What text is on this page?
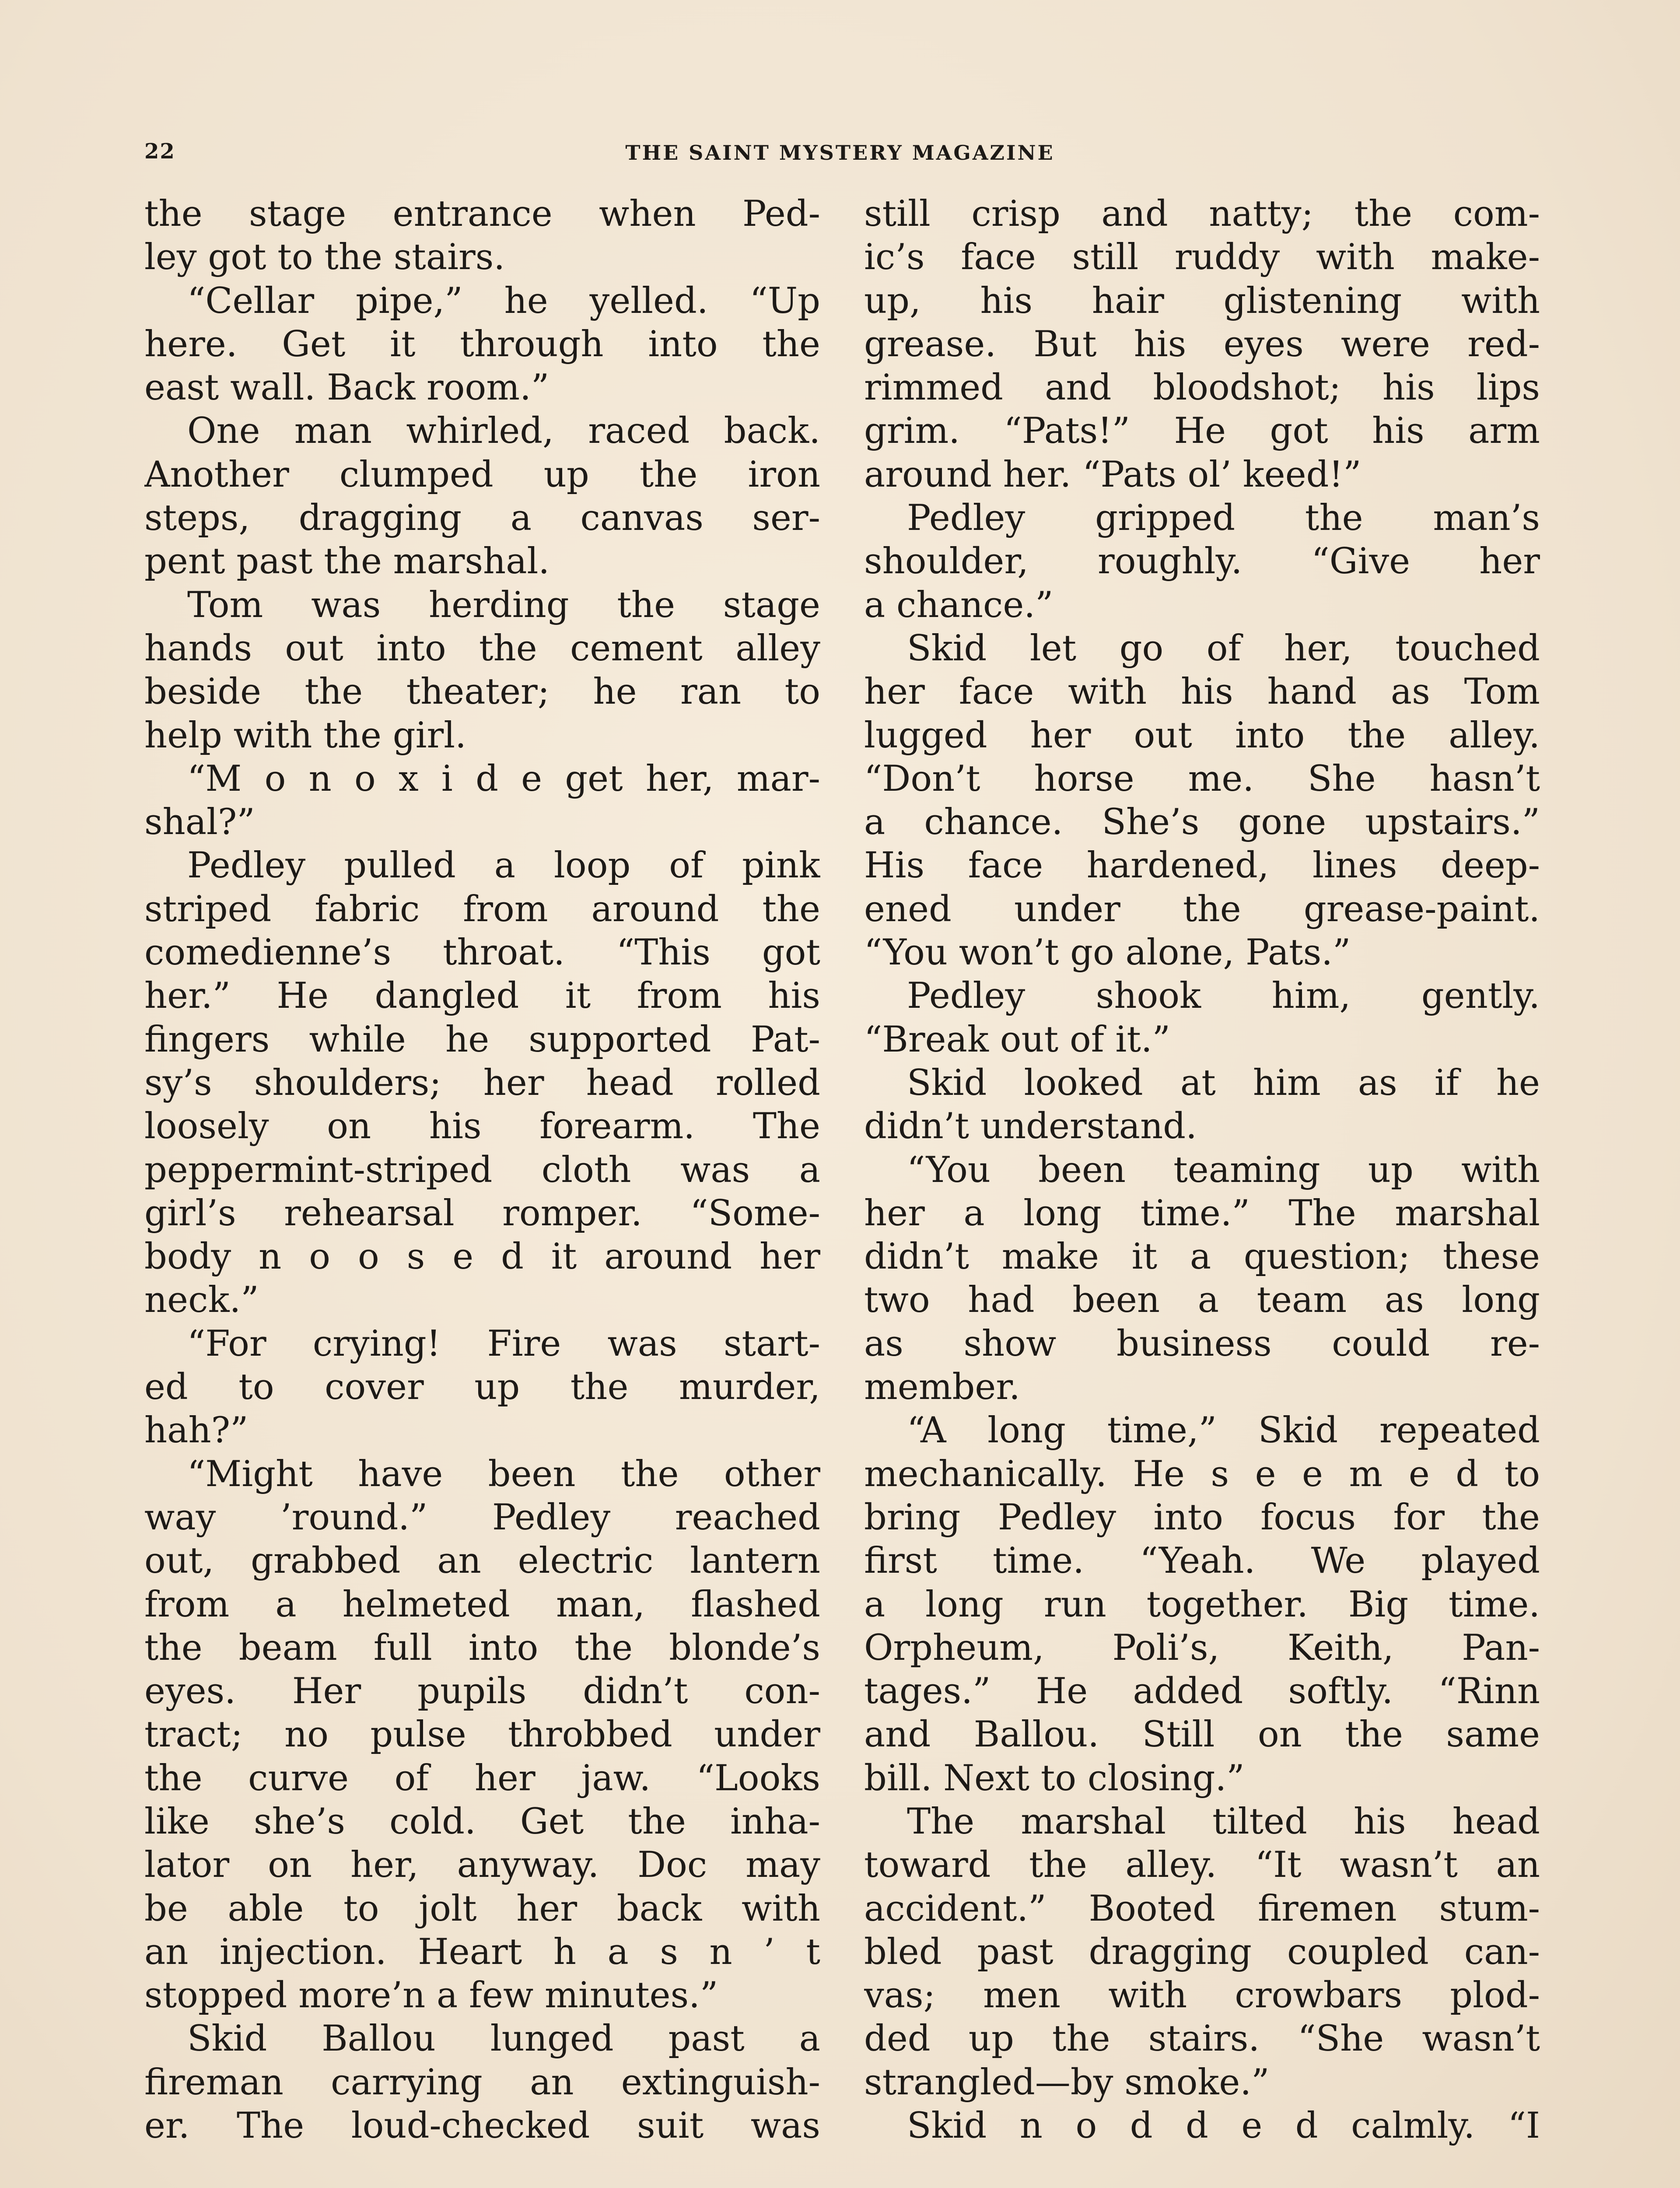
22	THE SAINT MYSTERY MAGAZINE
the stage entrance when Ped-
ley got to the stairs.
“Cellar pipe,” he yelled. “Up
here. Get it through into the
east wall. Back room.”
One man whirled, raced back.
Another clumped up the iron
steps, dragging a canvas ser-
pent past the marshal.
Tom was herding the stage
hands out into the cement alley
beside the theater; he ran to
help with the girl.
“M o n o x i d e get her, mar-
shal?”
Pedley pulled a loop of pink
striped fabric from around the
comedienne’s throat. “This got
her.” He dangled it from his
fingers while he supported Pat-
sy’s shoulders; her head rolled
loosely on his forearm. The
peppermint-striped cloth was a
girl’s rehearsal romper. “Some-
body n o o s e d it around her
neck.”
“For crying! Fire was start-
ed to cover up the murder,
hah?”
“Might have been the other
way ’round.” Pedley reached
out, grabbed an electric lantern
from a helmeted man, flashed
the beam full into the blonde’s
eyes. Her pupils didn’t con-
tract; no pulse throbbed under
the curve of her jaw. “Looks
like she’s cold. Get the inha-
lator on her, anyway. Doc may
be able to jolt her back with
an injection. Heart h a s n ’ t
stopped more’n a few minutes.”
Skid Ballou lunged past a
fireman carrying an extinguish-
er. The loud-checked suit was
still crisp and natty; the com-
ic’s face still ruddy with make-
up, his hair glistening with
grease. But his eyes were red-
rimmed and bloodshot; his lips
grim. “Pats!” He got his arm
around her. “Pats ol’ keed!”
Pedley gripped the man’s
shoulder, roughly. “Give her
a chance.”
Skid let go of her, touched
her face with his hand as Tom
lugged her out into the alley.
“Don’t horse me. She hasn’t
a chance. She’s gone upstairs.”
His face hardened, lines deep-
ened under the grease-paint.
“You won’t go alone, Pats.”
Pedley shook him, gently.
“Break out of it.”
Skid looked at him as if he
didn’t understand.
“You been teaming up with
her a long time.” The marshal
didn’t make it a question; these
two had been a team as long
as show business could re-
member.
“A long time,” Skid repeated
mechanically. He s e e m e d to
bring Pedley into focus for the
first time. “Yeah. We played
a long run together. Big time.
Orpheum, Poli’s, Keith, Pan-
tages.” He added softly. “Rinn
and Ballou. Still on the same
bill. Next to closing.”
The marshal tilted his head
toward the alley. “It wasn’t an
accident.” Booted firemen stum-
bled past dragging coupled can-
vas; men with crowbars plod-
ded up the stairs. “She wasn’t
strangled—by smoke.”
Skid n o d d e d calmly. “I
